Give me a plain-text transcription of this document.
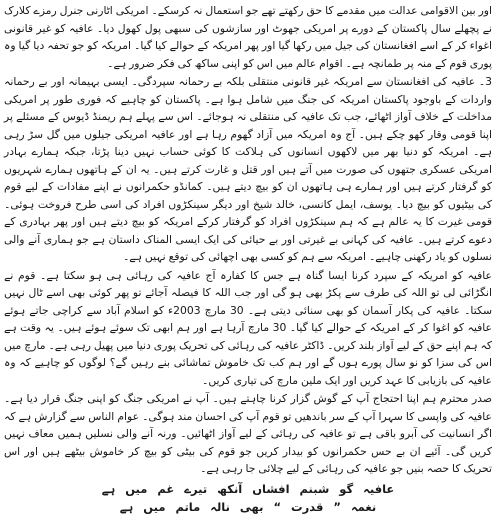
اور بین الاقوامی عدالت میں مقدمے کا حق رکھتے تھے جو استعمال نہ کرسکے۔ امریکی اٹارنی جنرل رمزے کلارک نے پچھلے سال پاکستان کے دورے پر امریکی جھوٹ اور سازشوں کی سبھی پول کھول دیا۔ عافیہ کو غیر قانونی اغواء کر کے اسے افغانستان کی جیل میں رکھا گیا اور پھر امریکہ کے حوالے کیا گیا۔ امریکہ کو جو تحفہ دیا گیا وہ پوری قوم کے منہ پر طمانچہ ہے۔ اقوام عالم میں اس کو اپنی ساکھ کی فکر ضرور ہے۔

3۔ عافیہ کی افغانستان سے امریکہ غیر قانونی منتقلی بلکہ بے رحمانہ سپردگی۔ ایسی بہیمانہ اور بے رحمانہ واردات کے باوجود پاکستان امریکہ کی جنگ میں شامل ہوا ہے۔ پاکستان کو چاہیے کہ فوری طور پر امریکی مداخلت کے خلاف آواز اٹھائے، جب تک عافیہ کی منتقلی نہ ہوجائے۔ اس سے پہلے ہم ریمنڈ ڈیوس کے مسئلے پر اپنا قومی وقار کھو چکے ہیں۔ آج وہ امریکہ میں آزاد گھوم رہا ہے اور عافیہ امریکی جیلوں میں گل سڑ رہی ہے۔ امریکہ کو دنیا بھر میں لاکھوں انسانوں کی ہلاکت کا کوئی حساب نہیں دینا پڑتا، جبکہ ہمارے بہادر امریکی عسکری جتھوں کی صورت میں آتے ہیں اور قتل و غارت کرتے ہیں۔ یہ ان کے ہاتھوں ہمارے شہریوں کو گرفتار کرتے ہیں اور ہمارے ہی ہاتھوں ان کو بیچ دیتے ہیں۔ کمانڈو حکمرانوں نے اپنے مفادات کے لیے قوم کی بیٹیوں کو بیچ دیا۔ یوسف، ایمل کانسی، خالد شیخ اور دیگر سینکڑوں افراد کی اسی طرح فروخت ہوئی۔ قومی غیرت کا یہ عالم ہے کہ ہم سینکڑوں افراد کو گرفتار کرکے امریکہ کو بیچ دیتے ہیں اور پھر بہادری کے دعوے کرتے ہیں۔ عافیہ کی کہانی بے غیرتی اور بے حیائی کی ایک ایسی المناک داستان ہے جو ہماری آنے والی نسلوں کو یاد رکھنی چاہیے۔ امریکہ سے ہم کو کسی بھی اچھائی کی توقع نہیں ہے۔

عافیہ کو امریکہ کے سپرد کرنا ایسا گناہ ہے جس کا کفارہ آج عافیہ کی رہائی ہی ہو سکتا ہے۔ قوم نے انگڑائی لی تو اللہ کی طرف سے پکڑ بھی ہو گی اور جب اللہ کا فیصلہ آجائے تو پھر کوئی بھی اسے ٹال نہیں سکتا۔ عافیہ کی پکار آسمان کو بھی سنائی دیتی ہے۔ 30 مارچ 2003ء کو اسلام آباد سے کراچی جاتے ہوئے عافیہ کو اغوا کر کے امریکہ کے حوالے کیا گیا۔ 30 مارچ آرہا ہے اور ہم ابھی تک سوئے ہوئے ہیں۔ یہ وقت ہے کہ ہم اپنے حق کے لیے آواز بلند کریں۔ ڈاکٹر عافیہ کی رہائی کی تحریک پوری دنیا میں پھیل رہی ہے۔ مارچ میں اس کی سزا کو نو سال پورے ہوں گے اور ہم کب تک خاموش تماشائی بنے رہیں گے؟ لوگوں کو چاہیے کہ وہ عافیہ کی بازیابی کا عہد کریں اور ایک ملین مارچ کی تیاری کریں۔

صدر محترم ہم اپنا احتجاج آپ کے گوش گزار کرنا چاہتے ہیں۔ آپ نے امریکی جنگ کو اپنی جنگ قرار دیا ہے۔ عافیہ کی واپسی کا سہرا آپ کے سر باندھیں تو قوم آپ کی احسان مند ہوگی۔ عوام الناس سے گزارش ہے کہ اگر انسانیت کی آبرو باقی ہے تو عافیہ کی رہائی کے لیے آواز اٹھائیں۔ ورنہ آنے والی نسلیں ہمیں معاف نہیں کریں گی۔ آئیے ان بے حس حکمرانوں کو بیدار کریں جو قوم کی بیٹی کو بیچ کر خاموش بیٹھے ہیں اور اس تحریک کا حصہ بنیں جو عافیہ کی رہائی کے لیے چلائی جا رہی ہے۔

عافیہ گو شبنم افشاں آنکھ تیرے غم میں ہے
نغمہ ” قدرت “ بھی نالہ ماتم میں ہے
